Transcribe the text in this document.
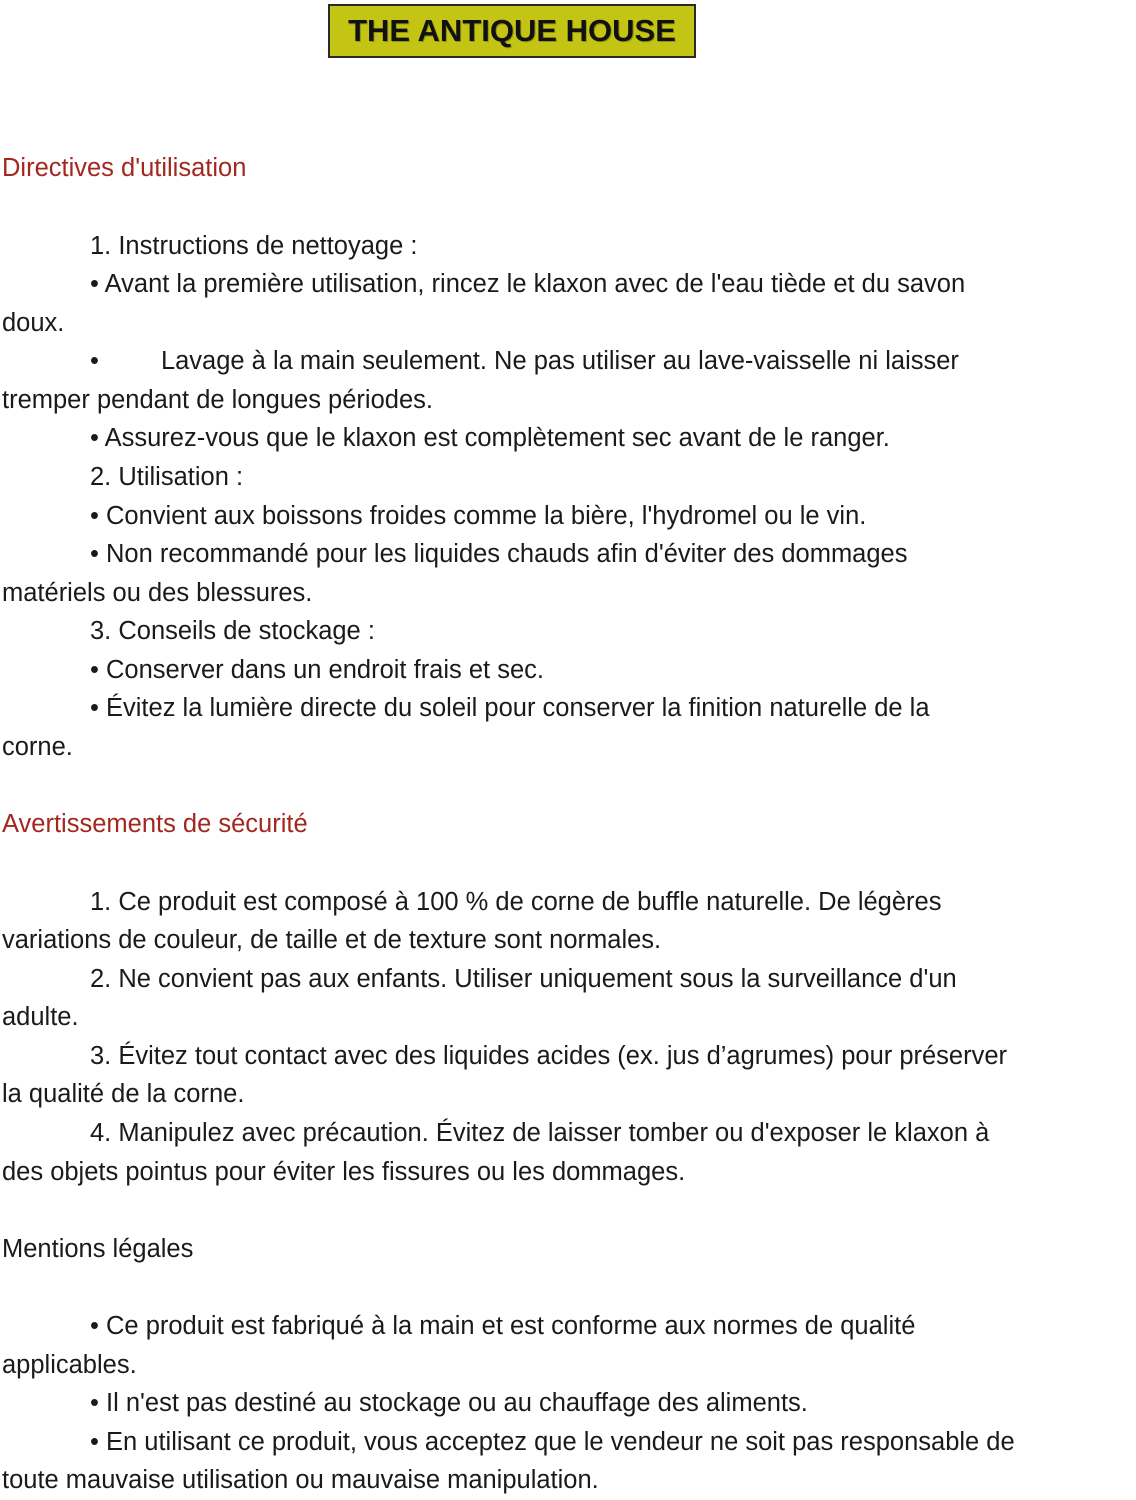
THE ANTIQUE HOUSE
Directives d'utilisation
1. Instructions de nettoyage :
• Avant la première utilisation, rincez le klaxon avec de l'eau tiède et du savon
doux.
• Lavage à la main seulement. Ne pas utiliser au lave-vaisselle ni laisser
tremper pendant de longues périodes.
• Assurez-vous que le klaxon est complètement sec avant de le ranger.
2. Utilisation :
• Convient aux boissons froides comme la bière, l'hydromel ou le vin.
• Non recommandé pour les liquides chauds afin d'éviter des dommages
matériels ou des blessures.
3. Conseils de stockage :
• Conserver dans un endroit frais et sec.
• Évitez la lumière directe du soleil pour conserver la finition naturelle de la
corne.
Avertissements de sécurité
1. Ce produit est composé à 100 % de corne de buffle naturelle. De légères
variations de couleur, de taille et de texture sont normales.
2. Ne convient pas aux enfants. Utiliser uniquement sous la surveillance d'un
adulte.
3. Évitez tout contact avec des liquides acides (ex. jus d’agrumes) pour préserver
la qualité de la corne.
4. Manipulez avec précaution. Évitez de laisser tomber ou d'exposer le klaxon à
des objets pointus pour éviter les fissures ou les dommages.
Mentions légales
• Ce produit est fabriqué à la main et est conforme aux normes de qualité
applicables.
• Il n'est pas destiné au stockage ou au chauffage des aliments.
• En utilisant ce produit, vous acceptez que le vendeur ne soit pas responsable de
toute mauvaise utilisation ou mauvaise manipulation.
